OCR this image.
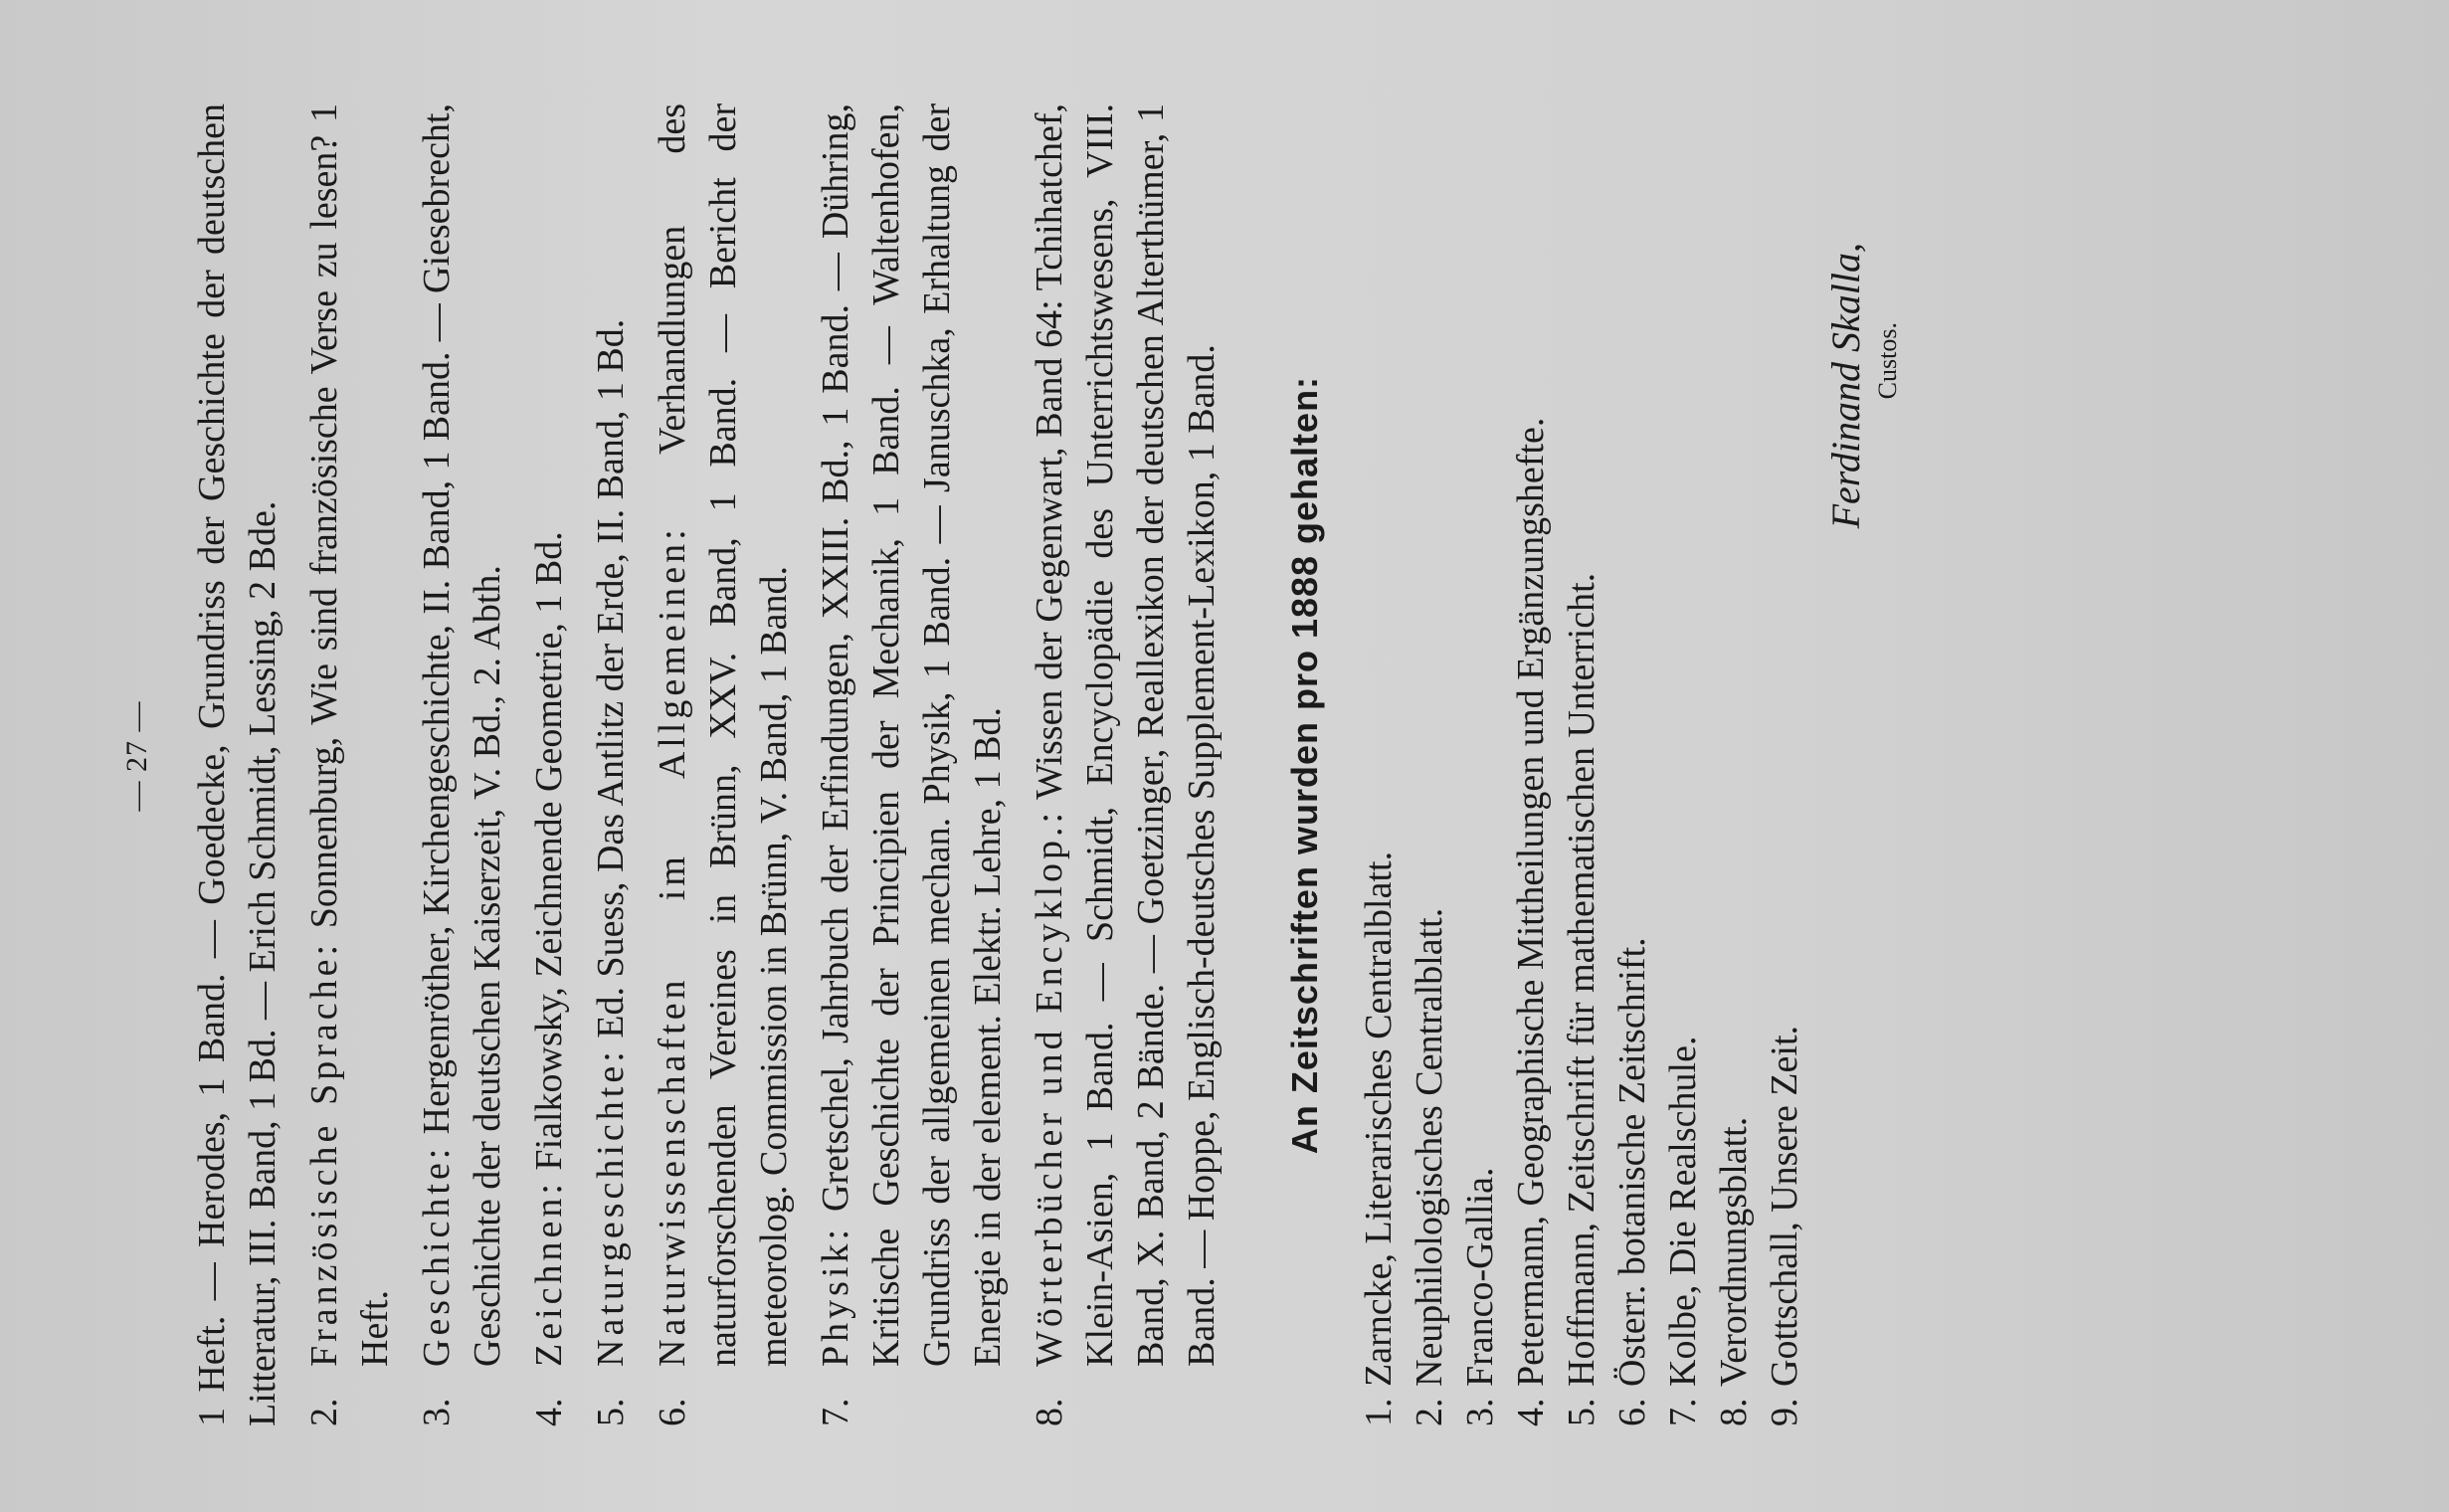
— 27 — 1 Heft. — Herodes, 1 Band. — Goedecke, Grundriss der Geschichte der deutschen Litteratur, III. Band, 1 Bd. — Erich Schmidt, Lessing, 2 Bde. 2.
Französische Sprache: Sonnenburg, Wie sind französische Verse zu lesen? 1 Heft.
3.
Geschichte: Hergenröther, Kirchengeschichte, II. Band, 1 Band. — Giesebrecht, Geschichte der deutschen Kaiserzeit, V. Bd., 2. Abth.
4.
Zeichnen: Fialkowsky, Zeichnende Geometrie, 1 Bd.
5.
Naturgeschichte: Ed. Suess, Das Antlitz der Erde, II. Band, 1 Bd.
6.
Naturwissenschaften im Allgemeinen: Verhandlungen des naturforschenden Vereines in Brünn, XXV. Band, 1 Band. — Bericht der meteorolog. Commission in Brünn, V. Band, 1 Band.
7.
Physik: Gretschel, Jahrbuch der Erfindungen, XXIII. Bd., 1 Band. — Dühring, Kritische Geschichte der Principien der Mechanik, 1 Band. — Waltenhofen, Grundriss der allgemeinen mechan. Physik, 1 Band. — Januschka, Erhaltung der Energie in der element. Elektr. Lehre, 1 Bd.
8.
Wörterbücher und Encyklop.: Wissen der Gegenwart, Band 64: Tchihatchef, Klein-Asien, 1 Band. — Schmidt, Encyclopädie des Unterrichtswesens, VIII. Band, X. Band, 2 Bände. — Goetzinger, Reallexikon der deutschen Alterthümer, 1 Band. — Hoppe, Englisch-deutsches Supplement-Lexikon, 1 Band. An Zeitschriften wurden pro 1888 gehalten:
1.
Zarncke, Literarisches Centralblatt.
2.
Neuphilologisches Centralblatt.
3.
Franco-Gallia.
4.
Petermann, Geographische Mittheilungen und Ergänzungshefte.
5.
Hoffmann, Zeitschrift für mathematischen Unterricht.
6.
Österr. botanische Zeitschrift.
7.
Kolbe, Die Realschule.
8.
Verordnungsblatt.
9.
Gottschall, Unsere Zeit.
Ferdinand Skalla, Custos.
